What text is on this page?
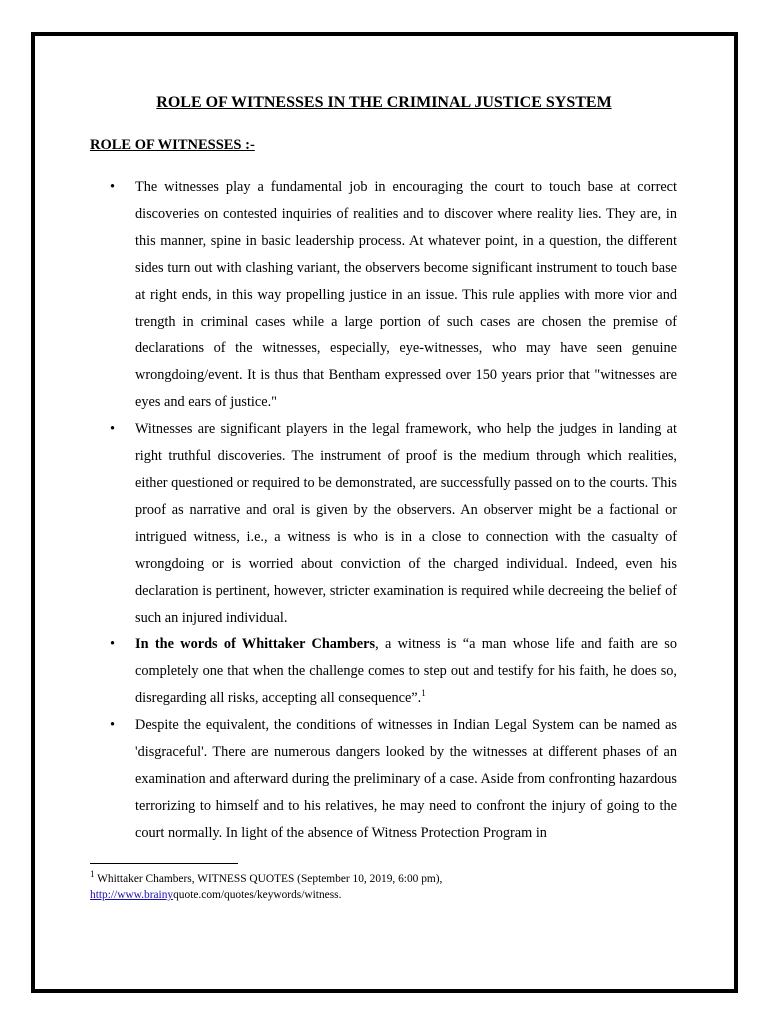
ROLE OF WITNESSES IN THE CRIMINAL JUSTICE SYSTEM
ROLE OF WITNESSES :-
• The witnesses play a fundamental job in encouraging the court to touch base at correct discoveries on contested inquiries of realities and to discover where reality lies. They are, in this manner, spine in basic leadership process. At whatever point, in a question, the different sides turn out with clashing variant, the observers become significant instrument to touch base at right ends, in this way propelling justice in an issue. This rule applies with more vior and trength in criminal cases while a large portion of such cases are chosen the premise of declarations of the witnesses, especially, eye-witnesses, who may have seen genuine wrongdoing/event. It is thus that Bentham expressed over 150 years prior that "witnesses are eyes and ears of justice."
• Witnesses are significant players in the legal framework, who help the judges in landing at right truthful discoveries. The instrument of proof is the medium through which realities, either questioned or required to be demonstrated, are successfully passed on to the courts. This proof as narrative and oral is given by the observers. An observer might be a factional or intrigued witness, i.e., a witness is who is in a close to connection with the casualty of wrongdoing or is worried about conviction of the charged individual. Indeed, even his declaration is pertinent, however, stricter examination is required while decreeing the belief of such an injured individual.
• In the words of Whittaker Chambers, a witness is “a man whose life and faith are so completely one that when the challenge comes to step out and testify for his faith, he does so, disregarding all risks, accepting all consequence”.$^1$
• Despite the equivalent, the conditions of witnesses in Indian Legal System can be named as 'disgraceful'. There are numerous dangers looked by the witnesses at different phases of an examination and afterward during the preliminary of a case. Aside from confronting hazardous terrorizing to himself and to his relatives, he may need to confront the injury of going to the court normally. In light of the absence of Witness Protection Program in
$^1$ Whittaker Chambers, WITNESS QUOTES (September 10, 2019, 6:00 pm),
http://www.brainyquote.com/quotes/keywords/witness.
